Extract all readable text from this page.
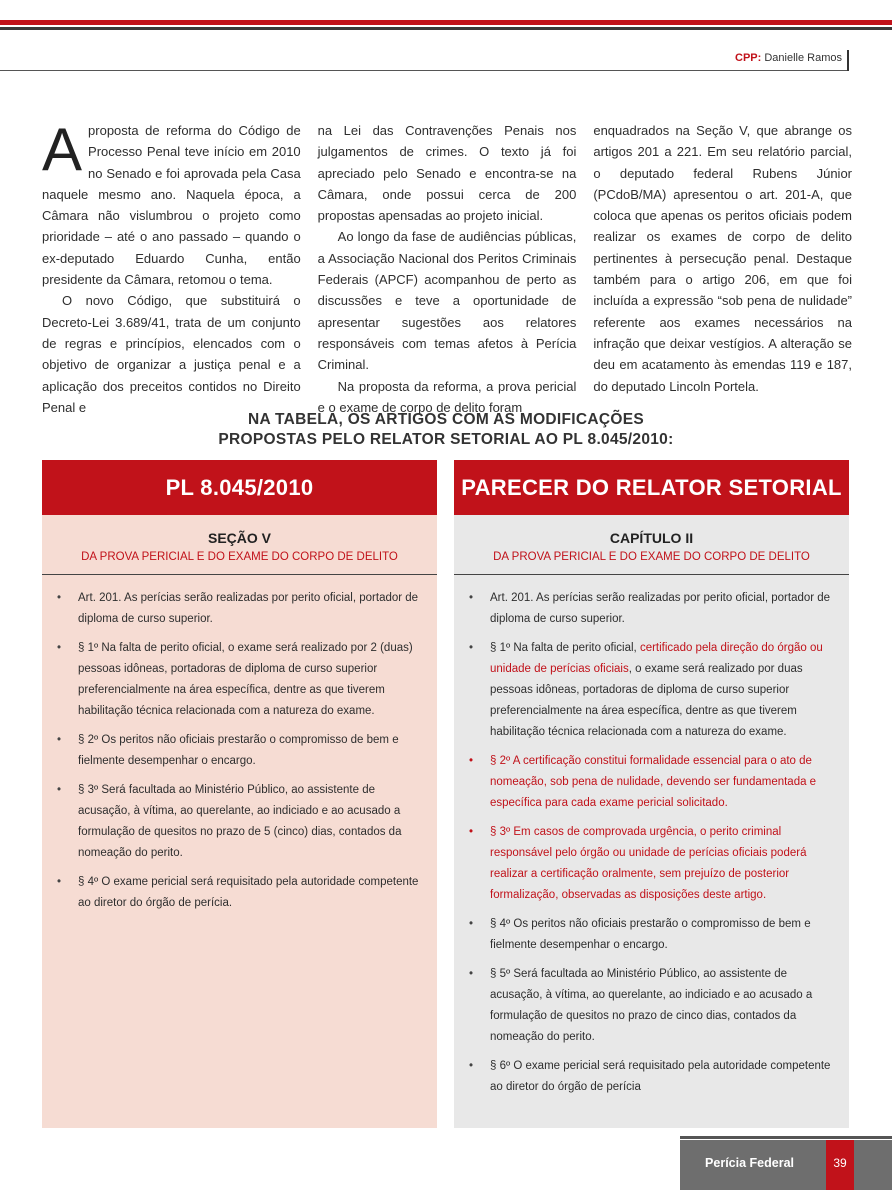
CPP: Danielle Ramos

Aproposta de reforma do Código de Processo Penal teve início em 2010 no Senado e foi aprovada pela Casa naquele mesmo ano. Naquela época, a Câmara não vislumbrou o projeto como prioridade – até o ano passado – quando o ex-deputado Eduardo Cunha, então presidente da Câmara, retomou o tema.

O novo Código, que substituirá o Decreto-Lei 3.689/41, trata de um conjunto de regras e princípios, elencados com o objetivo de organizar a justiça penal e a aplicação dos preceitos contidos no Direito Penal e

na Lei das Contravenções Penais nos julgamentos de crimes. O texto já foi apreciado pelo Senado e encontra-se na Câmara, onde possui cerca de 200 propostas apensadas ao projeto inicial.

Ao longo da fase de audiências públicas, a Associação Nacional dos Peritos Criminais Federais (APCF) acompanhou de perto as discussões e teve a oportunidade de apresentar sugestões aos relatores responsáveis com temas afetos à Perícia Criminal.

Na proposta da reforma, a prova pericial e o exame de corpo de delito foram

enquadrados na Seção V, que abrange os artigos 201 a 221. Em seu relatório parcial, o deputado federal Rubens Júnior (PCdoB/MA) apresentou o art. 201-A, que coloca que apenas os peritos oficiais podem realizar os exames de corpo de delito pertinentes à persecução penal. Destaque também para o artigo 206, em que foi incluída a expressão “sob pena de nulidade” referente aos exames necessários na infração que deixar vestígios. A alteração se deu em acatamento às emendas 119 e 187, do deputado Lincoln Portela.

NA TABELA, OS ARTIGOS COM AS MODIFICAÇÕES
PROPOSTAS PELO RELATOR SETORIAL AO PL 8.045/2010:
PL 8.045/2010
SEÇÃO V
DA PROVA PERICIAL E DO EXAME DO CORPO DE DELITO
• Art. 201. As perícias serão realizadas por perito oficial, portador de diploma de curso superior.
• § 1º Na falta de perito oficial, o exame será realizado por 2 (duas) pessoas idôneas, portadoras de diploma de curso superior preferencialmente na área específica, dentre as que tiverem habilitação técnica relacionada com a natureza do exame.
• § 2º Os peritos não oficiais prestarão o compromisso de bem e fielmente desempenhar o encargo.
• § 3º Será facultada ao Ministério Público, ao assistente de acusação, à vítima, ao querelante, ao indiciado e ao acusado a formulação de quesitos no prazo de 5 (cinco) dias, contados da nomeação do perito.
• § 4º O exame pericial será requisitado pela autoridade competente ao diretor do órgão de perícia.
PARECER DO RELATOR SETORIAL
CAPÍTULO II
DA PROVA PERICIAL E DO EXAME DO CORPO DE DELITO
• Art. 201. As perícias serão realizadas por perito oficial, portador de diploma de curso superior.
• § 1º Na falta de perito oficial, certificado pela direção do órgão ou unidade de perícias oficiais, o exame será realizado por duas pessoas idôneas, portadoras de diploma de curso superior preferencialmente na área específica, dentre as que tiverem habilitação técnica relacionada com a natureza do exame.
• § 2º A certificação constitui formalidade essencial para o ato de nomeação, sob pena de nulidade, devendo ser fundamentada e específica para cada exame pericial solicitado.
• § 3º Em casos de comprovada urgência, o perito criminal responsável pelo órgão ou unidade de perícias oficiais poderá realizar a certificação oralmente, sem prejuízo de posterior formalização, observadas as disposições deste artigo.
• § 4º Os peritos não oficiais prestarão o compromisso de bem e fielmente desempenhar o encargo.
• § 5º Será facultada ao Ministério Público, ao assistente de acusação, à vítima, ao querelante, ao indiciado e ao acusado a formulação de quesitos no prazo de cinco dias, contados da nomeação do perito.
• § 6º O exame pericial será requisitado pela autoridade competente ao diretor do órgão de perícia
Perícia Federal	39
